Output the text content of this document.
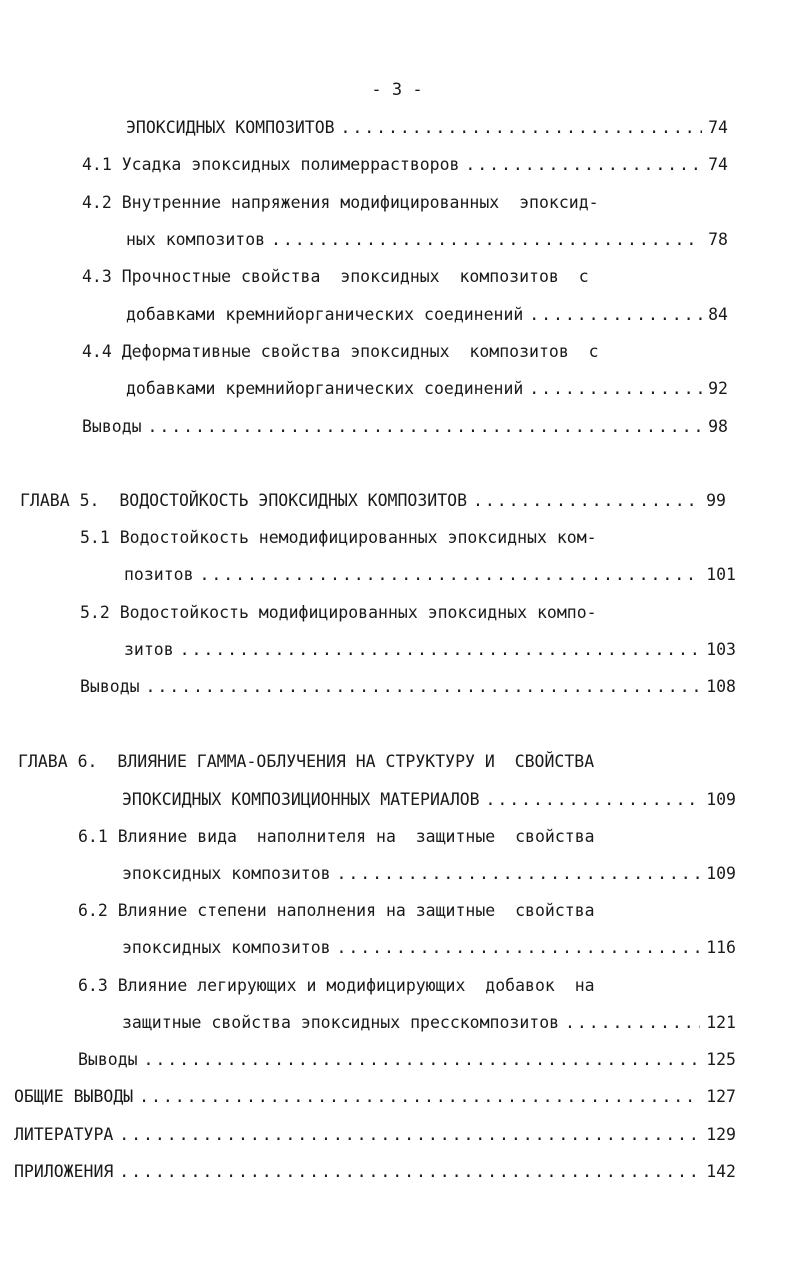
- 3 -
ЭПОКСИДНЫХ КОМПОЗИТОВ . . .	74
4.1 Усадка эпоксидных полимеррастворов . . .	74
4.2 Внутренние напряжения модифицированных  эпоксид-
ных композитов . . .	78
4.3 Прочностные свойства  эпоксидных  композитов  с
добавками кремнийорганических соединений . . .	84
4.4 Деформативные свойства эпоксидных  композитов  с
добавками кремнийорганических соединений . . .	92
Выводы . . .	98
ГЛАВА 5.  ВОДОСТОЙКОСТЬ ЭПОКСИДНЫХ КОМПОЗИТОВ . . .	99
5.1 Водостойкость немодифицированных эпоксидных ком-
позитов . . .	101
5.2 Водостойкость модифицированных эпоксидных компо-
зитов . . .	103
Выводы . . .	108
ГЛАВА 6.  ВЛИЯНИЕ ГАММА-ОБЛУЧЕНИЯ НА СТРУКТУРУ И  СВОЙСТВА
ЭПОКСИДНЫХ КОМПОЗИЦИОННЫХ МАТЕРИАЛОВ . . .	109
6.1 Влияние вида  наполнителя на  защитные  свойства
эпоксидных композитов . . .	109
6.2 Влияние степени наполнения на защитные  свойства
эпоксидных композитов . . .	116
6.3 Влияние легирующих и модифицирующих  добавок  на
защитные свойства эпоксидных пресскомпозитов . . .	121
Выводы . . .	125
ОБЩИЕ ВЫВОДЫ . . .	127
ЛИТЕРАТУРА . . .	129
ПРИЛОЖЕНИЯ . . .	142
